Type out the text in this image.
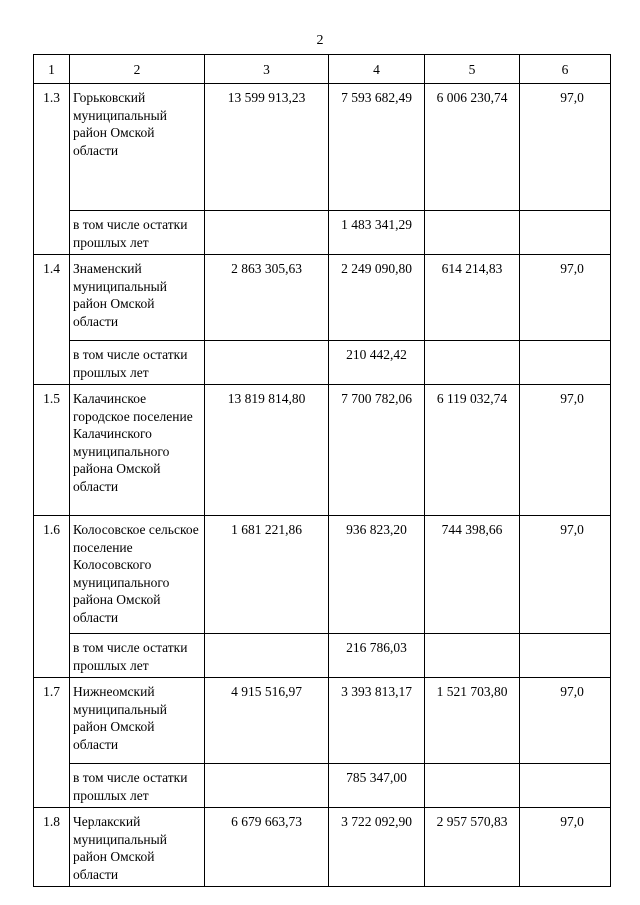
2
1	2	3	4	5	6
1.3	Горьковский муниципальный район Омской области	13 599 913,23	7 593 682,49	6 006 230,74	97,0
	в том числе остатки прошлых лет		1 483 341,29		
1.4	Знаменский муниципальный район Омской области	2 863 305,63	2 249 090,80	614 214,83	97,0
	в том числе остатки прошлых лет		210 442,42		
1.5	Калачинское городское поселение Калачинского муниципального района Омской области	13 819 814,80	7 700 782,06	6 119 032,74	97,0
1.6	Колосовское сельское поселение Колосовского муниципального района Омской области	1 681 221,86	936 823,20	744 398,66	97,0
	в том числе остатки прошлых лет		216 786,03		
1.7	Нижнеомский муниципальный район Омской области	4 915 516,97	3 393 813,17	1 521 703,80	97,0
	в том числе остатки прошлых лет		785 347,00		
1.8	Черлакский муниципальный район Омской области	6 679 663,73	3 722 092,90	2 957 570,83	97,0
